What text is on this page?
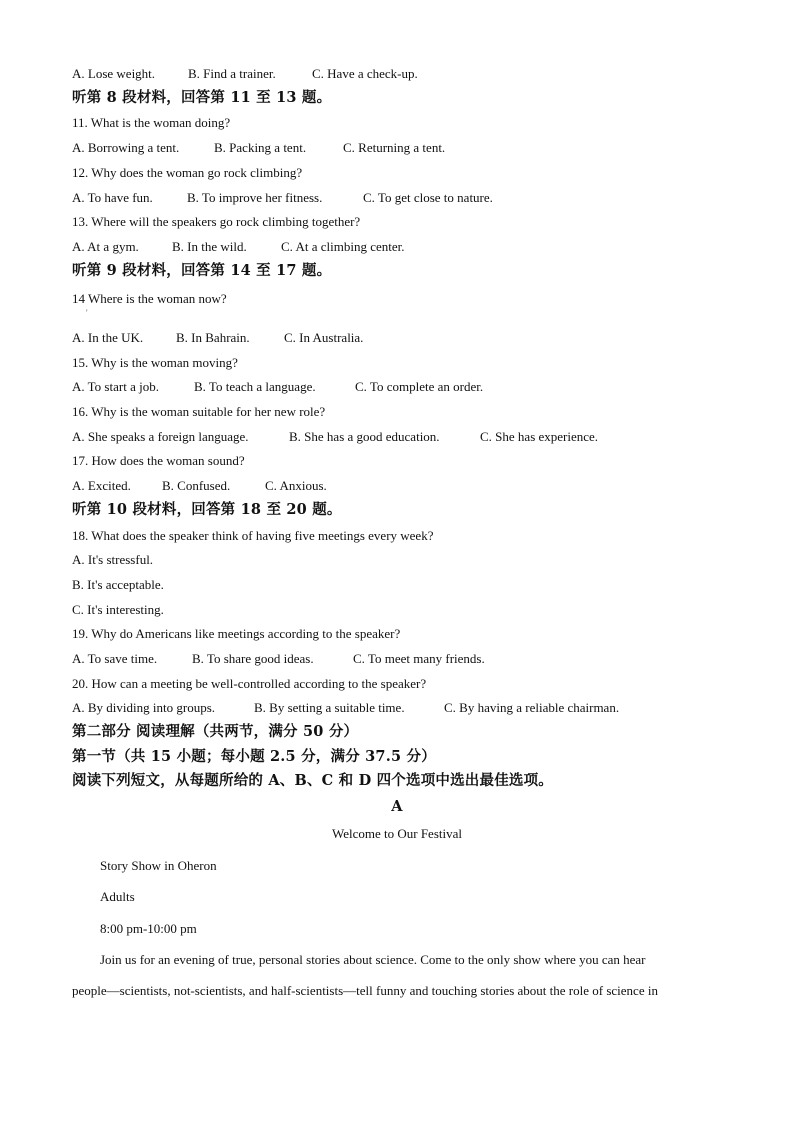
A. Lose weight.	B. Find a trainer.	C. Have a check-up.
听第 8 段材料，回答第 11 至 13 题。
11. What is the woman doing?
A. Borrowing a tent.	B. Packing a tent.	C. Returning a tent.
12. Why does the woman go rock climbing?
A. To have fun.	B. To improve her fitness.	C. To get close to nature.
13. Where will the speakers go rock climbing together?
A. At a gym.	B. In the wild.	C. At a climbing center.
听第 9 段材料，回答第 14 至 17 题。
14 Where is the woman now?
'
A. In the UK.	B. In Bahrain.	C. In Australia.
15. Why is the woman moving?
A. To start a job.	B. To teach a language.	C. To complete an order.
16. Why is the woman suitable for her new role?
A. She speaks a foreign language.	B. She has a good education.	C. She has experience.
17. How does the woman sound?
A. Excited. B. Confused.	C. Anxious.
听第 10 段材料，回答第 18 至 20 题。
18. What does the speaker think of having five meetings every week?
A. It's stressful.
B. It's acceptable.
C. It's interesting.
19. Why do Americans like meetings according to the speaker?
A. To save time.	B. To share good ideas.	C. To meet many friends.
20. How can a meeting be well-controlled according to the speaker?
A. By dividing into groups.	B. By setting a suitable time.	C. By having a reliable chairman.
第二部分 阅读理解（共两节，满分 50 分）
第一节（共 15 小题；每小题 2.5 分，满分 37.5 分）
阅读下列短文，从每题所给的 A、B、C 和 D 四个选项中选出最佳选项。
A
Welcome to Our Festival
Story Show in Oheron
Adults
8:00 pm-10:00 pm
Join us for an evening of true, personal stories about science. Come to the only show where you can hear
people—scientists, not-scientists, and half-scientists—tell funny and touching stories about the role of science in
